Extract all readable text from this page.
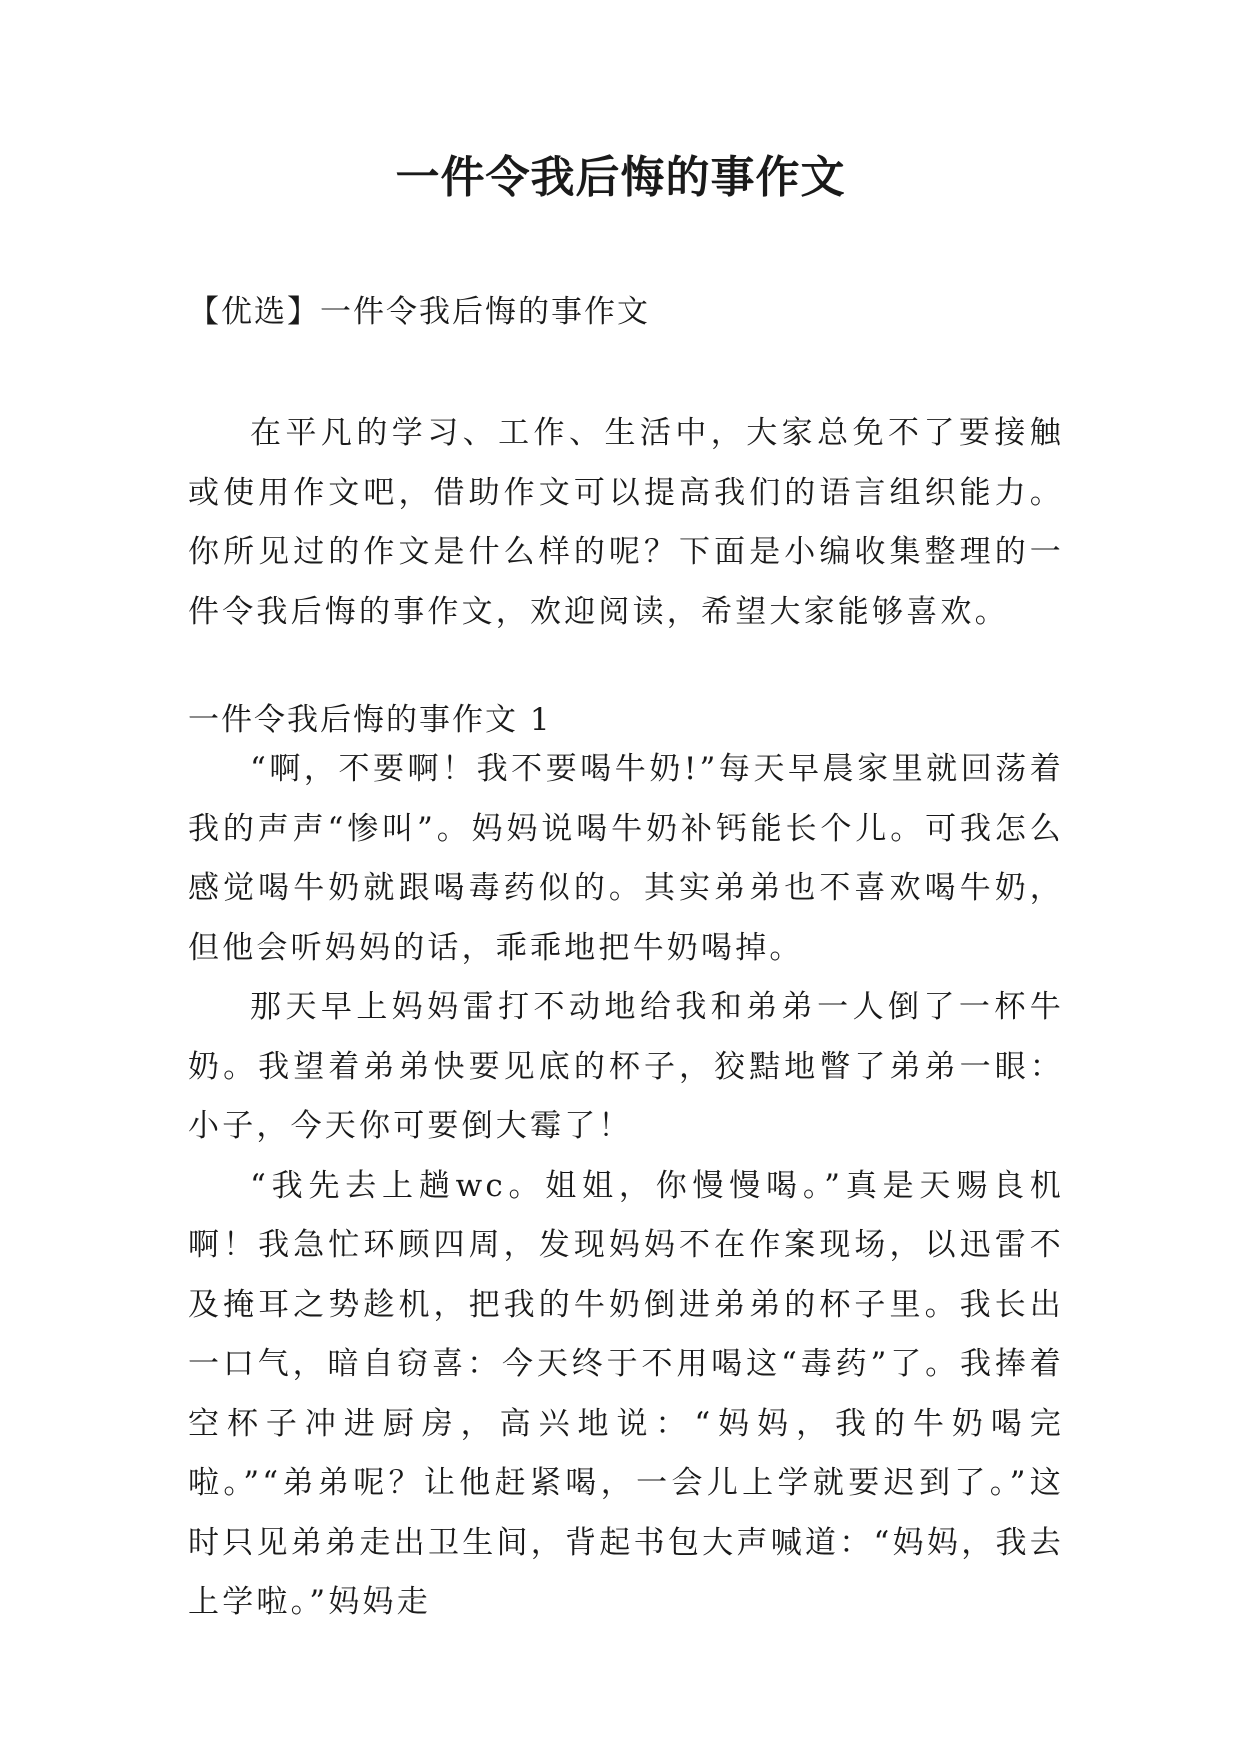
一件令我后悔的事作文
【优选】一件令我后悔的事作文

在平凡的学习、工作、生活中，大家总免不了要接触或使用作文吧，借助作文可以提高我们的语言组织能力。你所见过的作文是什么样的呢？下面是小编收集整理的一件令我后悔的事作文，欢迎阅读，希望大家能够喜欢。

一件令我后悔的事作文 1

“啊，不要啊！我不要喝牛奶!”每天早晨家里就回荡着我的声声“惨叫”。妈妈说喝牛奶补钙能长个儿。可我怎么感觉喝牛奶就跟喝毒药似的。其实弟弟也不喜欢喝牛奶，但他会听妈妈的话，乖乖地把牛奶喝掉。

那天早上妈妈雷打不动地给我和弟弟一人倒了一杯牛奶。我望着弟弟快要见底的杯子，狡黠地瞥了弟弟一眼：小子，今天你可要倒大霉了！

“我先去上趟wc。姐姐，你慢慢喝。”真是天赐良机啊！我急忙环顾四周，发现妈妈不在作案现场，以迅雷不及掩耳之势趁机，把我的牛奶倒进弟弟的杯子里。我长出一口气，暗自窃喜：今天终于不用喝这“毒药”了。我捧着空杯子冲进厨房，高兴地说：“妈妈，我的牛奶喝完啦。”“弟弟呢？让他赶紧喝，一会儿上学就要迟到了。”这时只见弟弟走出卫生间，背起书包大声喊道：“妈妈，我去上学啦。”妈妈走
